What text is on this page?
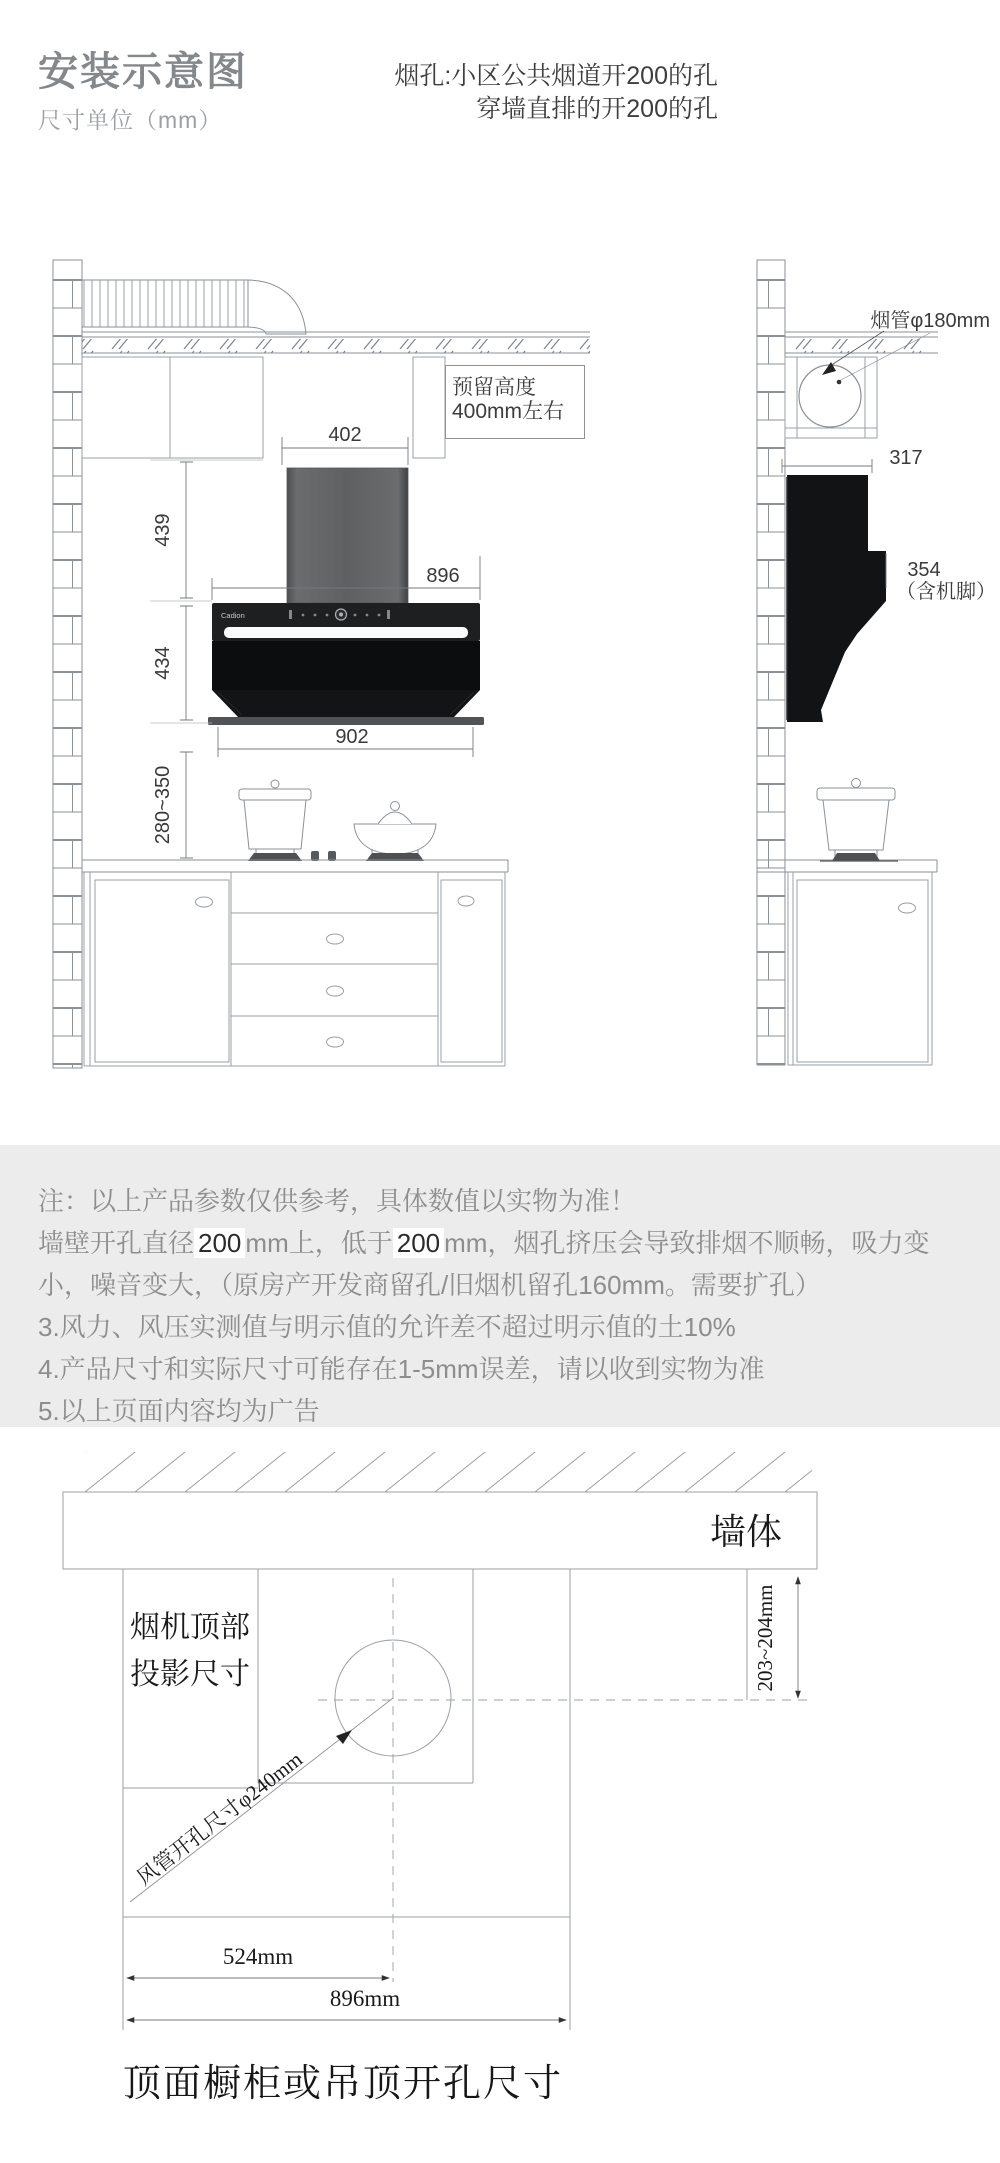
Cadion
402
439
434
280~350
896
902
烟管φ180mm
317
354
（含机脚）
墙体
烟机顶部
投影尺寸	203~204mm
风管开孔尺寸φ240mm
524mm
896mm
安装示意图
尺寸单位（mm）
烟孔:小区公共烟道开200的孔
穿墙直排的开200的孔
预留高度
400mm左右
注：以上产品参数仅供参考，具体数值以实物为准！
墙壁开孔直径 200 mm上，低于 200 mm，烟孔挤压会导致排烟不顺畅，吸力变
小，噪音变大，（原房产开发商留孔/旧烟机留孔160mm。需要扩孔）
3.风力、风压实测值与明示值的允许差不超过明示值的土10%
4.产品尺寸和实际尺寸可能存在1-5mm误差，请以收到实物为准
5.以上页面内容均为广告
顶面橱柜或吊顶开孔尺寸
